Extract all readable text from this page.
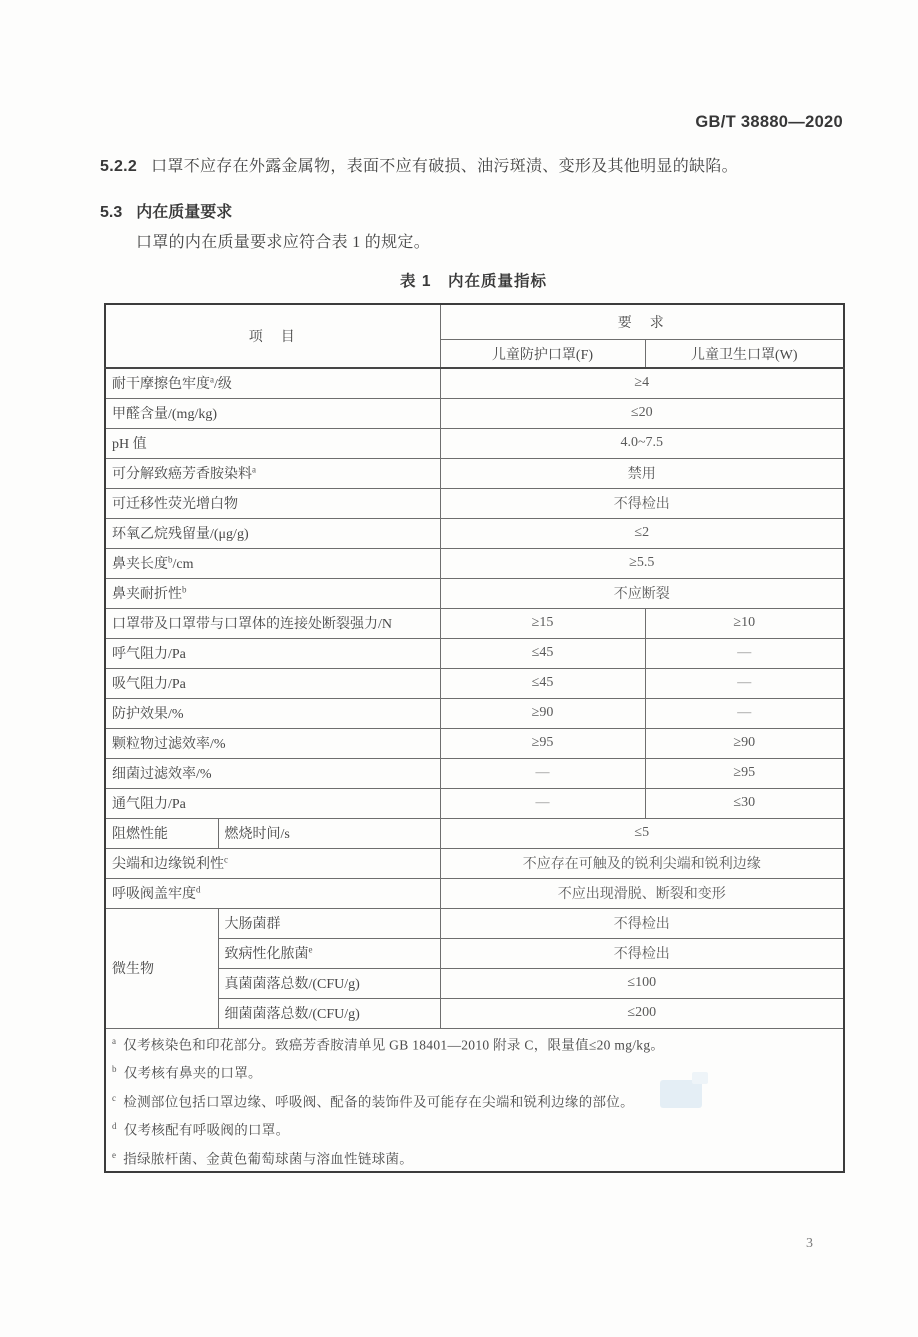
GB/T 38880—2020
5.2.2 口罩不应存在外露金属物，表面不应有破损、油污斑渍、变形及其他明显的缺陷。
5.3 内在质量要求
口罩的内在质量要求应符合表 1 的规定。
表 1　内在质量指标
项　目		要　求	
		儿童防护口罩(F)	儿童卫生口罩(W)
耐干摩擦色牢度$^a$/级		≥4	
甲醛含量/(mg/kg)		≤20	
pH 值		4.0~7.5	
可分解致癌芳香胺染料$^a$		禁用	
可迁移性荧光增白物		不得检出	
环氧乙烷残留量/(μg/g)		≤2	
鼻夹长度$^b$/cm		≥5.5	
鼻夹耐折性$^b$		不应断裂	
口罩带及口罩带与口罩体的连接处断裂强力/N		≥15	≥10
呼气阻力/Pa		≤45	—
吸气阻力/Pa		≤45	—
防护效果/%		≥90	—
颗粒物过滤效率/%		≥95	≥90
细菌过滤效率/%		—	≥95
通气阻力/Pa		—	≤30
阻燃性能	燃烧时间/s	≤5	
尖端和边缘锐利性$^c$		不应存在可触及的锐利尖端和锐利边缘	
呼吸阀盖牢度$^d$		不应出现滑脱、断裂和变形	
微生物	大肠菌群	不得检出	
	致病性化脓菌$^e$	不得检出	
	真菌菌落总数/(CFU/g)	≤100	
	细菌菌落总数/(CFU/g)	≤200	

$^a$ 仅考核染色和印花部分。致癌芳香胺清单见 GB 18401—2010 附录 C，限量值≤20 mg/kg。
$^b$ 仅考核有鼻夹的口罩。
$^c$ 检测部位包括口罩边缘、呼吸阀、配备的装饰件及可能存在尖端和锐利边缘的部位。
$^d$ 仅考核配有呼吸阀的口罩。
$^e$ 指绿脓杆菌、金黄色葡萄球菌与溶血性链球菌。			
3
